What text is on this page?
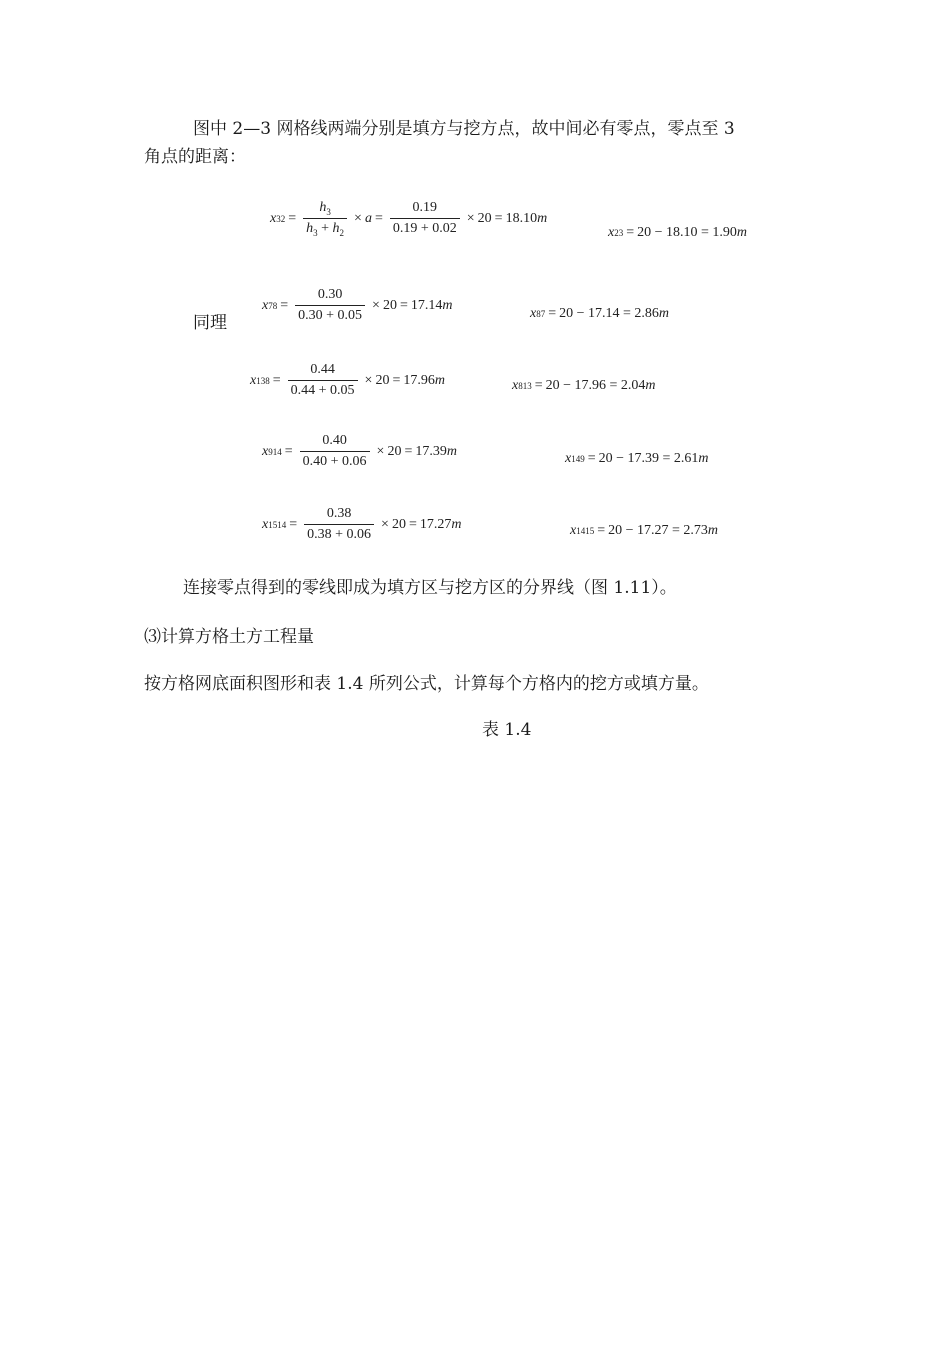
图中 2—3 网格线两端分别是填方与挖方点，故中间必有零点，零点至 3
角点的距离：
x $32 = \frac{h_3}{h_3 + h_2} \times a = \frac{0.19}{0.19 + 0.02} \times 20 = 18.10$ m
x 23 = 20 − 18.10 = 1.90 m
同理
x $78 = \frac{0.30}{0.30 + 0.05} \times 20 = 17.14$ m
x 87 = 20 − 17.14 = 2.86 m
x $138 = \frac{0.44}{0.44 + 0.05} \times 20 = 17.96$ m	x 813 = 20 − 17.96 = 2.04 m
x $914 = \frac{0.40}{0.40 + 0.06} \times 20 = 17.39$ m	x 149 = 20 − 17.39 = 2.61 m
x $1514 = \frac{0.38}{0.38 + 0.06} \times 20 = 17.27$ m	x 1415 = 20 − 17.27 = 2.73 m
连接零点得到的零线即成为填方区与挖方区的分界线（图 1.11）。
⑶计算方格土方工程量
按方格网底面积图形和表 1.4 所列公式，计算每个方格内的挖方或填方量。
表 1.4
